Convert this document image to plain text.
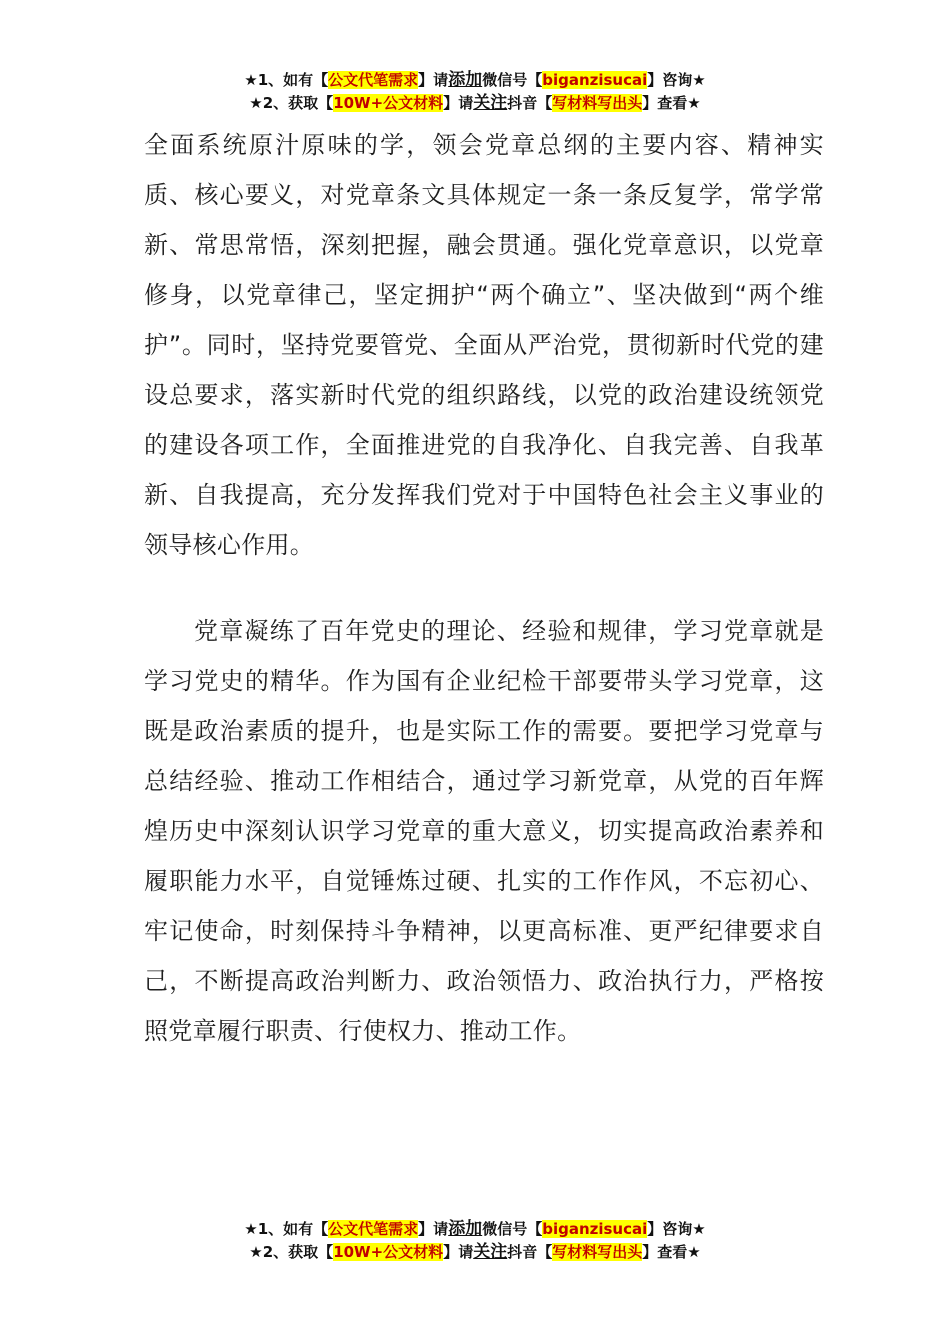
★1、如有【公文代笔需求】请添加微信号【biganzisucai】咨询★
★2、获取【10W+公文材料】请关注抖音【写材料写出头】查看★

全面系统原汁原味的学，领会党章总纲的主要内容、精神实质、核心要义，对党章条文具体规定一条一条反复学，常学常新、常思常悟，深刻把握，融会贯通。强化党章意识，以党章修身，以党章律己，坚定拥护“两个确立”、坚决做到“两个维护”。同时，坚持党要管党、全面从严治党，贯彻新时代党的建设总要求，落实新时代党的组织路线，以党的政治建设统领党的建设各项工作，全面推进党的自我净化、自我完善、自我革新、自我提高，充分发挥我们党对于中国特色社会主义事业的领导核心作用。

党章凝练了百年党史的理论、经验和规律，学习党章就是学习党史的精华。作为国有企业纪检干部要带头学习党章，这既是政治素质的提升，也是实际工作的需要。要把学习党章与总结经验、推动工作相结合，通过学习新党章，从党的百年辉煌历史中深刻认识学习党章的重大意义，切实提高政治素养和履职能力水平，自觉锤炼过硬、扎实的工作作风，不忘初心、牢记使命，时刻保持斗争精神，以更高标准、更严纪律要求自己，不断提高政治判断力、政治领悟力、政治执行力，严格按照党章履行职责、行使权力、推动工作。

★1、如有【公文代笔需求】请添加微信号【biganzisucai】咨询★
★2、获取【10W+公文材料】请关注抖音【写材料写出头】查看★
